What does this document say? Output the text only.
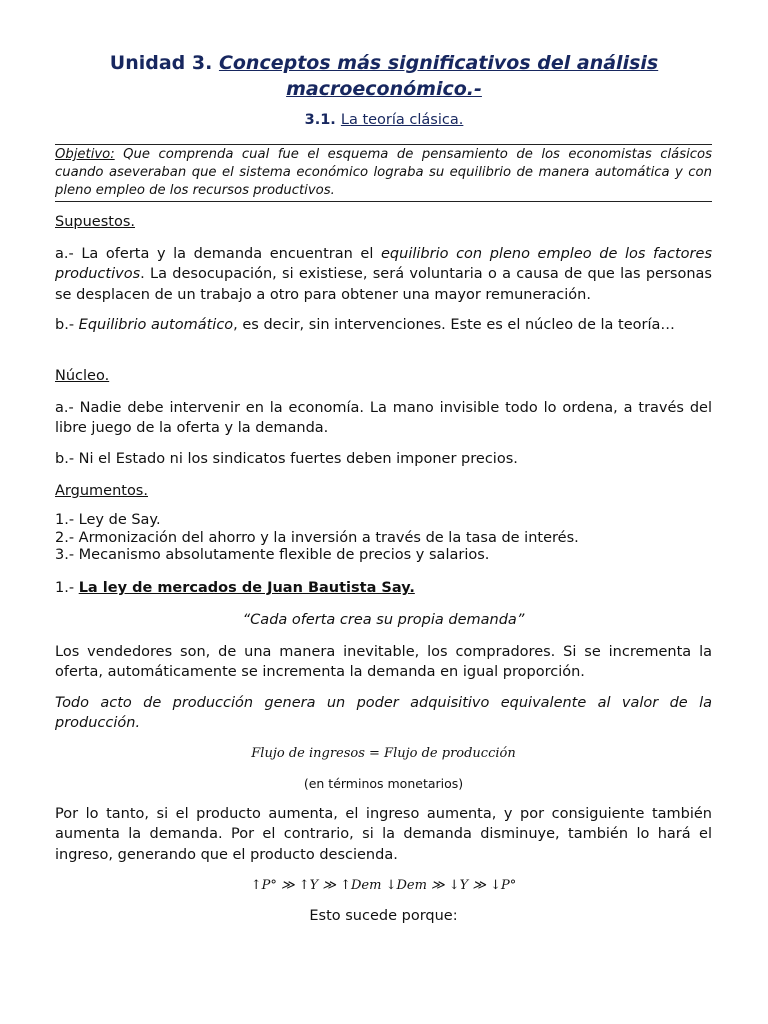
Unidad 3. Conceptos más significativos del análisis macroeconómico.-
3.1. La teoría clásica.
Objetivo: Que comprenda cual fue el esquema de pensamiento de los economistas clásicos cuando aseveraban que el sistema económico lograba su equilibrio de manera automática y con pleno empleo de los recursos productivos.
Supuestos.
a.- La oferta y la demanda encuentran el equilibrio con pleno empleo de los factores productivos. La desocupación, si existiese, será voluntaria o a causa de que las personas se desplacen de un trabajo a otro para obtener una mayor remuneración.
b.- Equilibrio automático, es decir, sin intervenciones. Este es el núcleo de la teoría…
Núcleo.
a.- Nadie debe intervenir en la economía. La mano invisible todo lo ordena, a través del libre juego de la oferta y la demanda.
b.- Ni el Estado ni los sindicatos fuertes deben imponer precios.
Argumentos.
1.- Ley de Say.
2.- Armonización del ahorro y la inversión a través de la tasa de interés.
3.- Mecanismo absolutamente flexible de precios y salarios.
1.- La ley de mercados de Juan Bautista Say.
“Cada oferta crea su propia demanda”
Los vendedores son, de una manera inevitable, los compradores. Si se incrementa la oferta, automáticamente se incrementa la demanda en igual proporción.
Todo acto de producción genera un poder adquisitivo equivalente al valor de la producción.
Flujo de ingresos = Flujo de producción
(en términos monetarios)
Por lo tanto, si el producto aumenta, el ingreso aumenta, y por consiguiente también aumenta la demanda. Por el contrario, si la demanda disminuye, también lo hará el ingreso, generando que el producto descienda.
↑P° ≫ ↑Y ≫ ↑Dem ↓Dem ≫ ↓Y ≫ ↓P°
Esto sucede porque:
